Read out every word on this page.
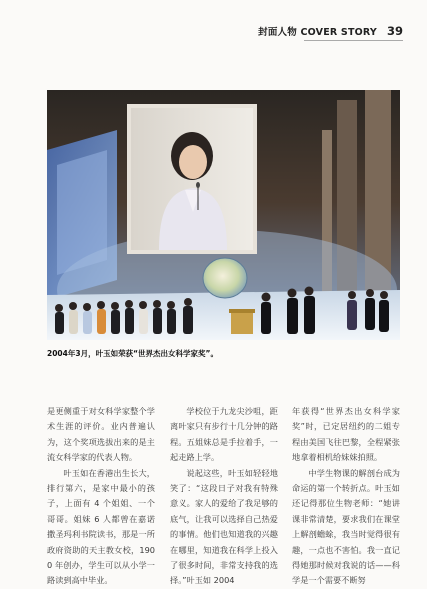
封面人物 COVER STORY 39
2004年3月，叶玉如荣获“世界杰出女科学家奖”。

是更侧重于对女科学家整个学术生涯的评价。业内普遍认为，这个奖项选拔出来的是主流女科学家的代表人物。

叶玉如在香港出生长大，排行第六，是家中最小的孩子，上面有 4 个姐姐、一个哥哥。姐妹 6 人都曾在嘉诺撒圣玛利书院读书，那是一所政府资助的天主教女校，1900 年创办，学生可以从小学一路读到高中毕业。

学校位于九龙尖沙咀，距离叶家只有步行十几分钟的路程。五姐妹总是手拉着手，一起走路上学。

说起这些，叶玉如轻轻地笑了：“这段日子对我有特殊意义。家人的爱给了我足够的底气，让我可以选择自己热爱的事情。他们也知道我的兴趣在哪里，知道我在科学上投入了很多时间，非常支持我的选择。”叶玉如 2004

年获得“世界杰出女科学家奖”时，已定居纽约的二姐专程由美国飞往巴黎，全程紧张地拿着相机给妹妹拍照。

中学生物课的解剖台成为命运的第一个转折点。叶玉如还记得那位生物老师：“她讲课非常清楚，要求我们在课堂上解剖蟾蜍，我当时觉得很有趣，一点也不害怕。我一直记得她那时候对我说的话——科学是一个需要不断努
